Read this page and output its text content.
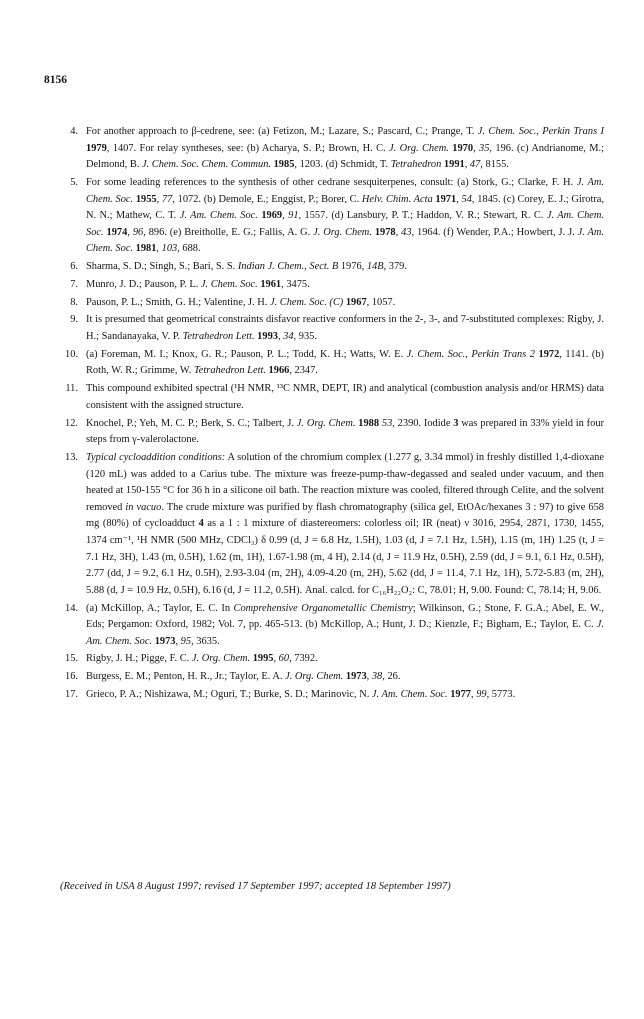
8156
4 . For another approach to β-cedrene, see: (a) Fetizon, M.; Lazare, S.; Pascard, C.; Prange, T. J. Chem. Soc., Perkin Trans I 1979, 1407. For relay syntheses, see: (b) Acharya, S. P.; Brown, H. C. J. Org. Chem. 1970, 35, 196. (c) Andrianome, M.; Delmond, B. J. Chem. Soc. Chem. Commun. 1985, 1203. (d) Schmidt, T. Tetrahedron 1991, 47, 8155.
5 . For some leading references to the synthesis of other cedrane sesquiterpenes, consult: (a) Stork, G.; Clarke, F. H. J. Am. Chem. Soc. 1955, 77, 1072. (b) Demole, E.; Enggist, P.; Borer, C. Helv. Chim. Acta 1971, 54, 1845. (c) Corey, E. J.; Girotra, N. N.; Mathew, C. T. J. Am. Chem. Soc. 1969, 91, 1557. (d) Lansbury, P. T.; Haddon, V. R.; Stewart, R. C. J. Am. Chem. Soc. 1974, 96, 896. (e) Breitholle, E. G.; Fallis, A. G. J. Org. Chem. 1978, 43, 1964. (f) Wender, P.A.; Howbert, J. J. J. Am. Chem. Soc. 1981, 103, 688.
6 . Sharma, S. D.; Singh, S.; Bari, S. S. Indian J. Chem., Sect. B 1976, 14B, 379.
7 . Munro, J. D.; Pauson, P. L. J. Chem. Soc. 1961, 3475.
8 . Pauson, P. L.; Smith, G. H.; Valentine, J. H. J. Chem. Soc. (C) 1967, 1057.
9 . It is presumed that geometrical constraints disfavor reactive conformers in the 2-, 3-, and 7-substituted complexes: Rigby, J. H.; Sandanayaka, V. P. Tetrahedron Lett. 1993, 34, 935.
10 . (a) Foreman, M. I.; Knox, G. R.; Pauson, P. L.; Todd, K. H.; Watts, W. E. J. Chem. Soc., Perkin Trans 2 1972, 1141. (b) Roth, W. R.; Grimme, W. Tetrahedron Lett. 1966, 2347.
11 . This compound exhibited spectral (¹H NMR, ¹³C NMR, DEPT, IR) and analytical (combustion analysis and/or HRMS) data consistent with the assigned structure.
12 . Knochel, P.; Yeh, M. C. P.; Berk, S. C.; Talbert, J. J. Org. Chem. 1988 53, 2390. Iodide 3 was prepared in 33% yield in four steps from γ-valerolactone.
13 . Typical cycloaddition conditions: A solution of the chromium complex (1.277 g, 3.34 mmol) in freshly distilled 1,4-dioxane (120 mL) was added to a Carius tube. The mixture was freeze-pump-thaw-degassed and sealed under vacuum, and then heated at 150-155 °C for 36 h in a silicone oil bath. The reaction mixture was cooled, filtered through Celite, and the solvent removed in vacuo. The crude mixture was purified by flash chromatography (silica gel, EtOAc/hexanes 3 : 97) to give 658 mg (80%) of cycloadduct 4 as a 1 : 1 mixture of diastereomers: colorless oil; IR (neat) ν 3016, 2954, 2871, 1730, 1455, 1374 cm⁻¹, ¹H NMR (500 MHz, CDCl₃) δ 0.99 (d, J = 6.8 Hz, 1.5H), 1.03 (d, J = 7.1 Hz, 1.5H), 1.15 (m, 1H) 1.25 (t, J = 7.1 Hz, 3H), 1.43 (m, 0.5H), 1.62 (m, 1H), 1.67-1.98 (m, 4 H), 2.14 (d, J = 11.9 Hz, 0.5H), 2.59 (dd, J = 9.1, 6.1 Hz, 0.5H), 2.77 (dd, J = 9.2, 6.1 Hz, 0.5H), 2.93-3.04 (m, 2H), 4.09-4.20 (m, 2H), 5.62 (dd, J = 11.4, 7.1 Hz, 1H), 5.72-5.83 (m, 2H), 5.88 (d, J = 10.9 Hz, 0.5H), 6.16 (d, J = 11.2, 0.5H). Anal. calcd. for C₁₆H₂₂O₂: C, 78.01; H, 9.00. Found: C, 78.14; H, 9.06.
14 . (a) McKillop, A.; Taylor, E. C. In Comprehensive Organometallic Chemistry; Wilkinson, G.; Stone, F. G.A.; Abel, E. W., Eds; Pergamon: Oxford, 1982; Vol. 7, pp. 465-513. (b) McKillop, A.; Hunt, J. D.; Kienzle, F.; Bigham, E.; Taylor, E. C. J. Am. Chem. Soc. 1973, 95, 3635.
15 . Rigby, J. H.; Pigge, F. C. J. Org. Chem. 1995, 60, 7392.
16 . Burgess, E. M.; Penton, H. R., Jr.; Taylor, E. A. J. Org. Chem. 1973, 38, 26.
17 . Grieco, P. A.; Nishizawa, M.; Oguri, T.; Burke, S. D.; Marinovic, N. J. Am. Chem. Soc. 1977, 99, 5773.
(Received in USA 8 August 1997; revised 17 September 1997; accepted 18 September 1997)
